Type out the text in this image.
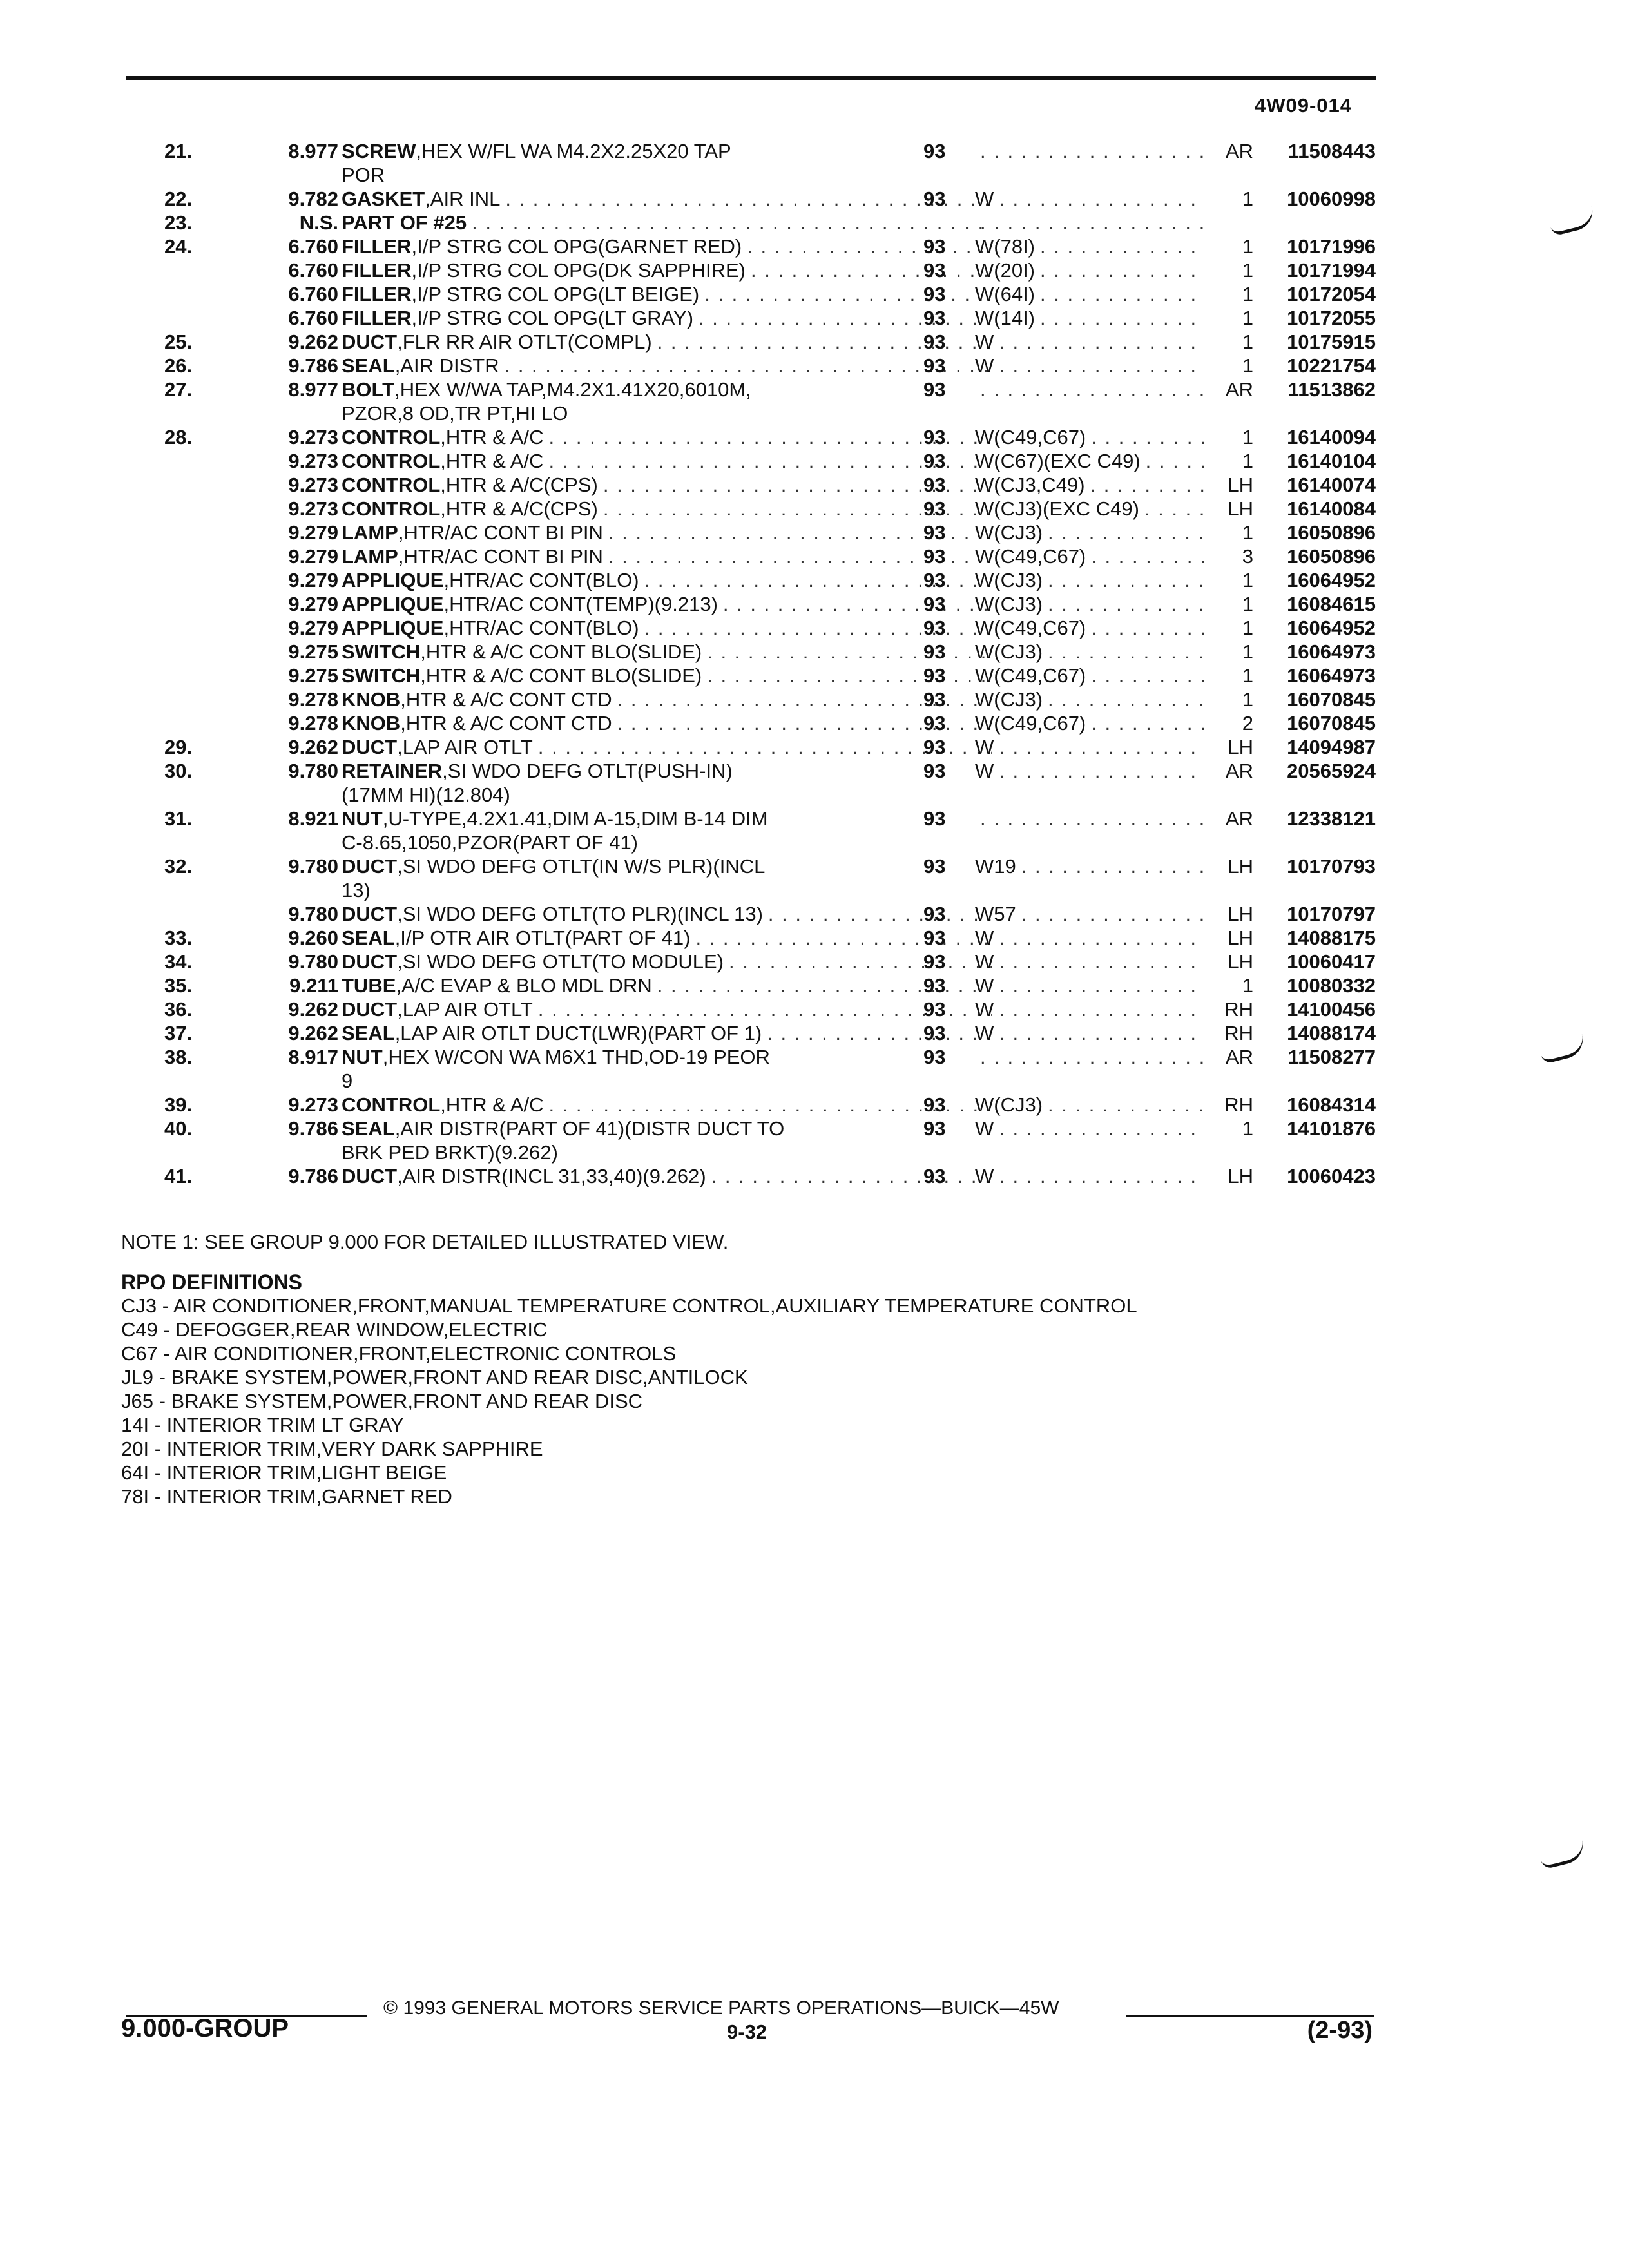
4W09-014
21.	8.977 SCREW ,HEX W/FL WA M4.2X2.25X20 TAP
POR
93 . . .	AR	11508443
22.	9.782 GASKET ,AIR INL . . .	93	W . . .	1	10060998
23.	N.S. PART OF #25
. . .
. . .
24.	6.760 FILLER ,I/P STRG COL OPG(GARNET RED) . . .	93	W(78I) . . .	1	10171996
6.760 FILLER ,I/P STRG COL OPG(DK SAPPHIRE) . . .	93	W(20I) . . .	1	10171994
6.760 FILLER ,I/P STRG COL OPG(LT BEIGE) . . .	93	W(64I) . . .	1	10172054
6.760 FILLER ,I/P STRG COL OPG(LT GRAY) . . .	93	W(14I) . . .	1	10172055
25.	9.262 DUCT ,FLR RR AIR OTLT(COMPL) . . .	93	W . . .	1	10175915
26.	9.786 SEAL ,AIR DISTR . . .	93	W . . .	1	10221754
27.	8.977 BOLT ,HEX W/WA TAP,M4.2X1.41X20,6010M,
PZOR,8 OD,TR PT,HI LO
93 . . .	AR	11513862
28.	9.273 CONTROL ,HTR & A/C . . .	93	W(C49,C67) . . .	1	16140094
9.273 CONTROL ,HTR & A/C . . .	93	W(C67)(EXC C49) . . .	1	16140104
9.273 CONTROL ,HTR & A/C(CPS) . . .	93	W(CJ3,C49) . . .	LH	16140074
9.273 CONTROL ,HTR & A/C(CPS) . . .	93	W(CJ3)(EXC C49) . . .	LH	16140084
9.279 LAMP ,HTR/AC CONT BI PIN . . .	93	W(CJ3) . . .	1	16050896
9.279 LAMP ,HTR/AC CONT BI PIN . . .	93	W(C49,C67) . . .	3	16050896
9.279 APPLIQUE ,HTR/AC CONT(BLO) . . .	93	W(CJ3) . . .	1	16064952
9.279 APPLIQUE ,HTR/AC CONT(TEMP)(9.213) . . .	93	W(CJ3) . . .	1	16084615
9.279 APPLIQUE ,HTR/AC CONT(BLO) . . .	93	W(C49,C67) . . .	1	16064952
9.275 SWITCH ,HTR & A/C CONT BLO(SLIDE) . . .	93	W(CJ3) . . .	1	16064973
9.275 SWITCH ,HTR & A/C CONT BLO(SLIDE) . . .	93	W(C49,C67) . . .	1	16064973
9.278 KNOB ,HTR & A/C CONT CTD . . .	93	W(CJ3) . . .	1	16070845
9.278 KNOB ,HTR & A/C CONT CTD . . .	93	W(C49,C67) . . .	2	16070845
29.	9.262 DUCT ,LAP AIR OTLT . . .	93	W . . .	LH	14094987
30.	9.780 RETAINER ,SI WDO DEFG OTLT(PUSH-IN)
(17MM HI)(12.804)
93	W . . .	AR	20565924
31.	8.921 NUT ,U-TYPE,4.2X1.41,DIM A-15,DIM B-14 DIM
C-8.65,1050,PZOR(PART OF 41)
93 . . .	AR	12338121
32.	9.780 DUCT ,SI WDO DEFG OTLT(IN W/S PLR)(INCL
13)
93	W19 . . .	LH	10170793
9.780 DUCT ,SI WDO DEFG OTLT(TO PLR)(INCL 13) . . .	93	W57 . . .	LH	10170797
33.	9.260 SEAL ,I/P OTR AIR OTLT(PART OF 41) . . .	93	W . . .	LH	14088175
34.	9.780 DUCT ,SI WDO DEFG OTLT(TO MODULE) . . .	93	W . . .	LH	10060417
35.	9.211 TUBE ,A/C EVAP & BLO MDL DRN . . .	93	W . . .	1	10080332
36.	9.262 DUCT ,LAP AIR OTLT . . .	93	W . . .	RH	14100456
37.	9.262 SEAL ,LAP AIR OTLT DUCT(LWR)(PART OF 1) . . .	93	W . . .	RH	14088174
38.	8.917 NUT ,HEX W/CON WA M6X1 THD,OD-19 PEOR
9
93 . . .	AR	11508277
39.	9.273 CONTROL ,HTR & A/C . . .	93	W(CJ3) . . .	RH	16084314
40.	9.786 SEAL ,AIR DISTR(PART OF 41)(DISTR DUCT TO
BRK PED BRKT)(9.262)
93	W . . .	1	14101876
41.	9.786 DUCT ,AIR DISTR(INCL 31,33,40)(9.262) . . .	93	W . . .	LH	10060423
NOTE 1: SEE GROUP 9.000 FOR DETAILED ILLUSTRATED VIEW.
RPO DEFINITIONS
CJ3 - AIR CONDITIONER,FRONT,MANUAL TEMPERATURE CONTROL,AUXILIARY TEMPERATURE CONTROL
C49 - DEFOGGER,REAR WINDOW,ELECTRIC
C67 - AIR CONDITIONER,FRONT,ELECTRONIC CONTROLS
JL9 - BRAKE SYSTEM,POWER,FRONT AND REAR DISC,ANTILOCK
J65 - BRAKE SYSTEM,POWER,FRONT AND REAR DISC
14I - INTERIOR TRIM LT GRAY
20I - INTERIOR TRIM,VERY DARK SAPPHIRE
64I - INTERIOR TRIM,LIGHT BEIGE
78I - INTERIOR TRIM,GARNET RED
© 1993 GENERAL MOTORS SERVICE PARTS OPERATIONS—BUICK—45W
9.000-GROUP	9-32	(2-93)
